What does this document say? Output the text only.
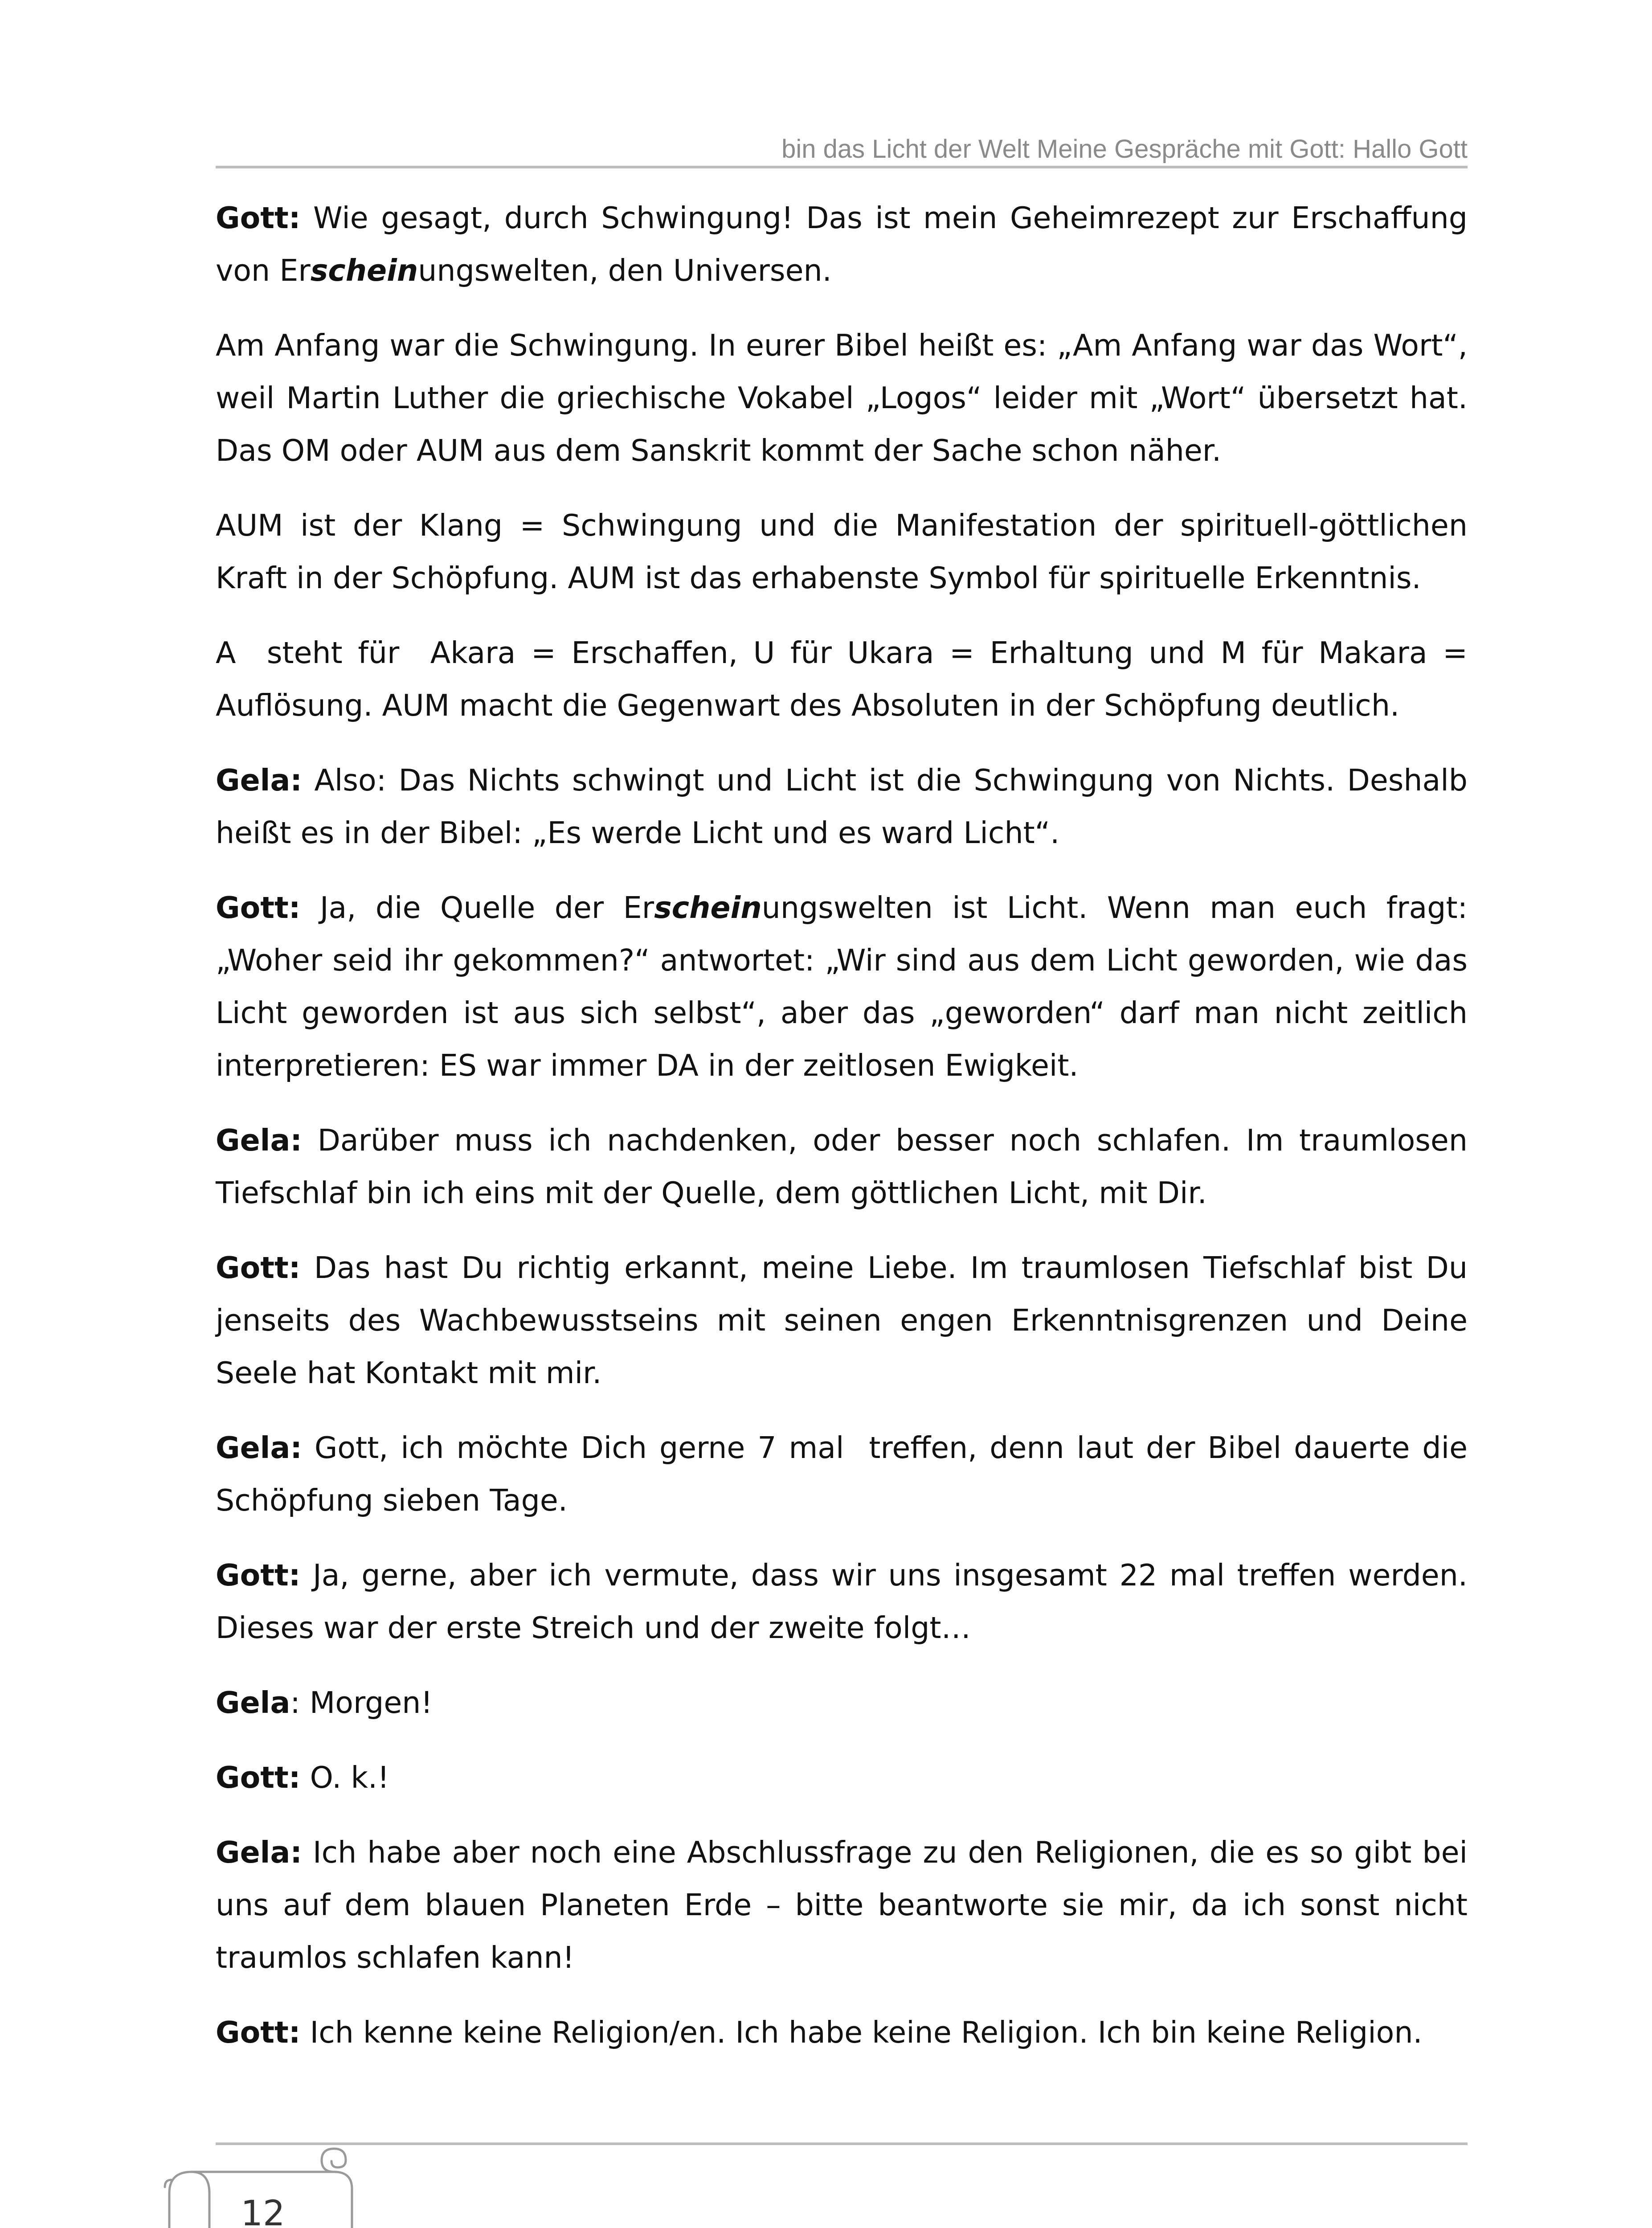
bin das Licht der Welt Meine Gespräche mit Gott: Hallo Gott

Gott: Wie gesagt, durch Schwingung! Das ist mein Geheimrezept zur Erschaffung von Erscheinungswelten, den Universen.

Am Anfang war die Schwingung. In eurer Bibel heißt es: „Am Anfang war das Wort“, weil Martin Luther die griechische Vokabel „Logos“ leider mit „Wort“ übersetzt hat. Das OM oder AUM aus dem Sanskrit kommt der Sache schon näher.

AUM ist der Klang = Schwingung und die Manifestation der spirituell-göttlichen Kraft in der Schöpfung. AUM ist das erhabenste Symbol für spirituelle Erkenntnis.

A  steht für  Akara = Erschaffen, U für Ukara = Erhaltung und M für Makara = Auflösung. AUM macht die Gegenwart des Absoluten in der Schöpfung deutlich.

Gela: Also: Das Nichts schwingt und Licht ist die Schwingung von Nichts. Deshalb heißt es in der Bibel: „Es werde Licht und es ward Licht“.

Gott: Ja, die Quelle der Erscheinungswelten ist Licht. Wenn man euch fragt: „Woher seid ihr gekommen?“ antwortet: „Wir sind aus dem Licht geworden, wie das Licht geworden ist aus sich selbst“, aber das „geworden“ darf man nicht zeitlich interpretieren: ES war immer DA in der zeitlosen Ewigkeit.

Gela: Darüber muss ich nachdenken, oder besser noch schlafen. Im traumlosen Tiefschlaf bin ich eins mit der Quelle, dem göttlichen Licht, mit Dir.

Gott: Das hast Du richtig erkannt, meine Liebe. Im traumlosen Tiefschlaf bist Du jenseits des Wachbewusstseins mit seinen engen Erkenntnisgrenzen und Deine Seele hat Kontakt mit mir.

Gela: Gott, ich möchte Dich gerne 7 mal  treffen, denn laut der Bibel dauerte die Schöpfung sieben Tage.

Gott: Ja, gerne, aber ich vermute, dass wir uns insgesamt 22 mal treffen werden. Dieses war der erste Streich und der zweite folgt…

Gela: Morgen!

Gott: O. k.!

Gela: Ich habe aber noch eine Abschlussfrage zu den Religionen, die es so gibt bei uns auf dem blauen Planeten Erde – bitte beantworte sie mir, da ich sonst nicht traumlos schlafen kann!

Gott: Ich kenne keine Religion/en. Ich habe keine Religion. Ich bin keine Religion.

12
